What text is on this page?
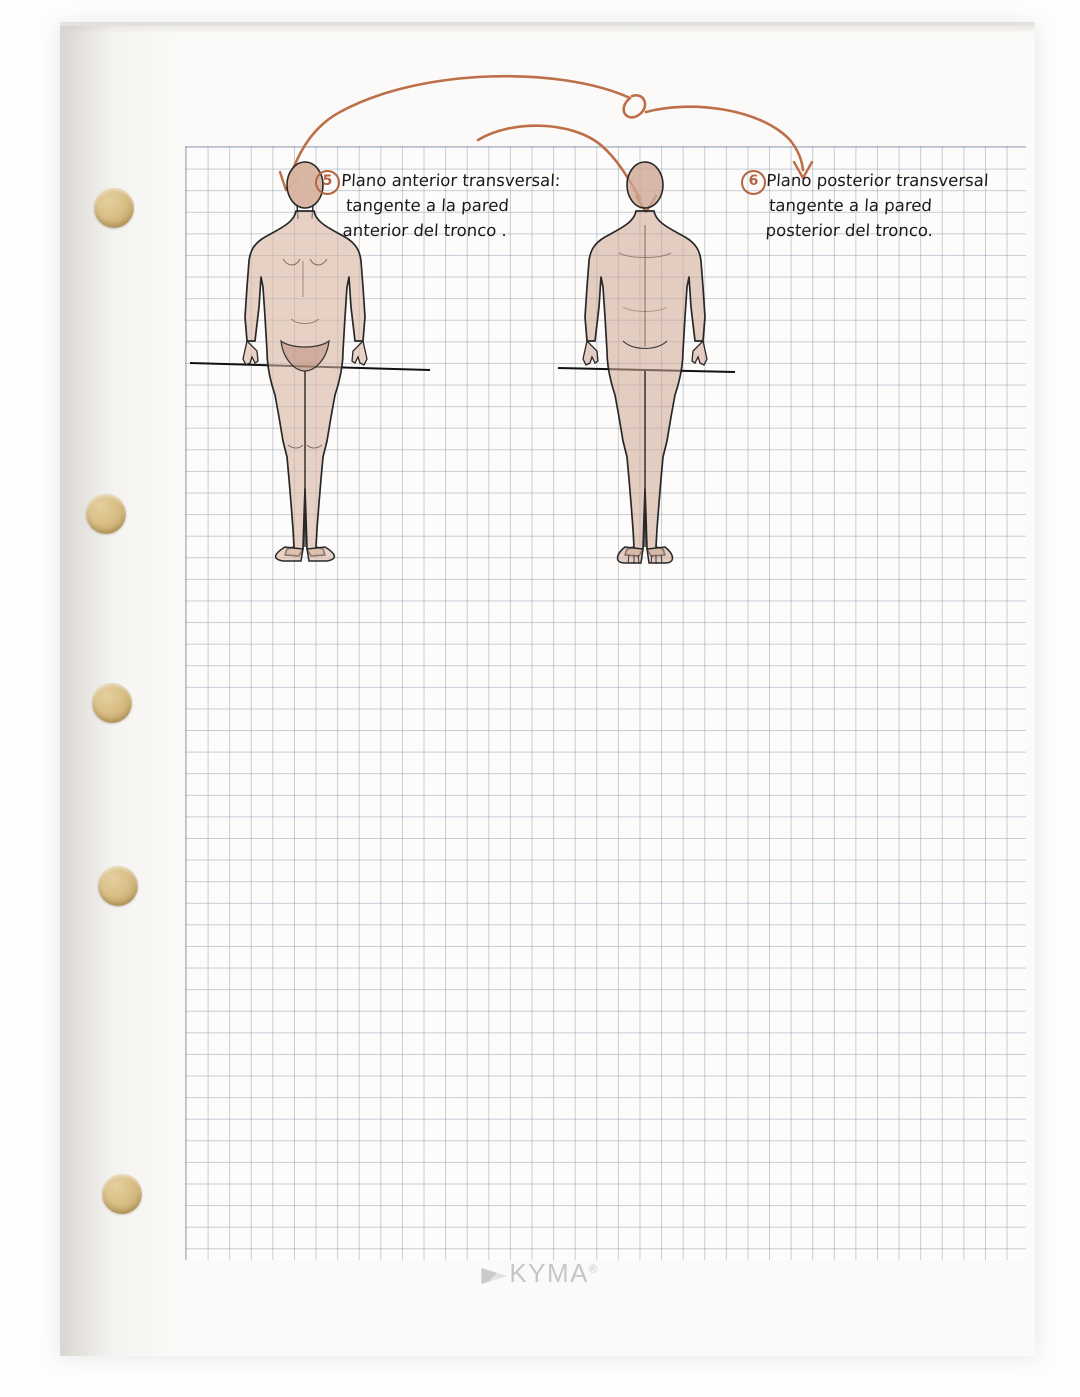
5 Plano anterior transversal:
tangente a la pared
anterior del tronco .
6 Plano posterior transversal
tangente a la pared
posterior del tronco.
KYMA®
